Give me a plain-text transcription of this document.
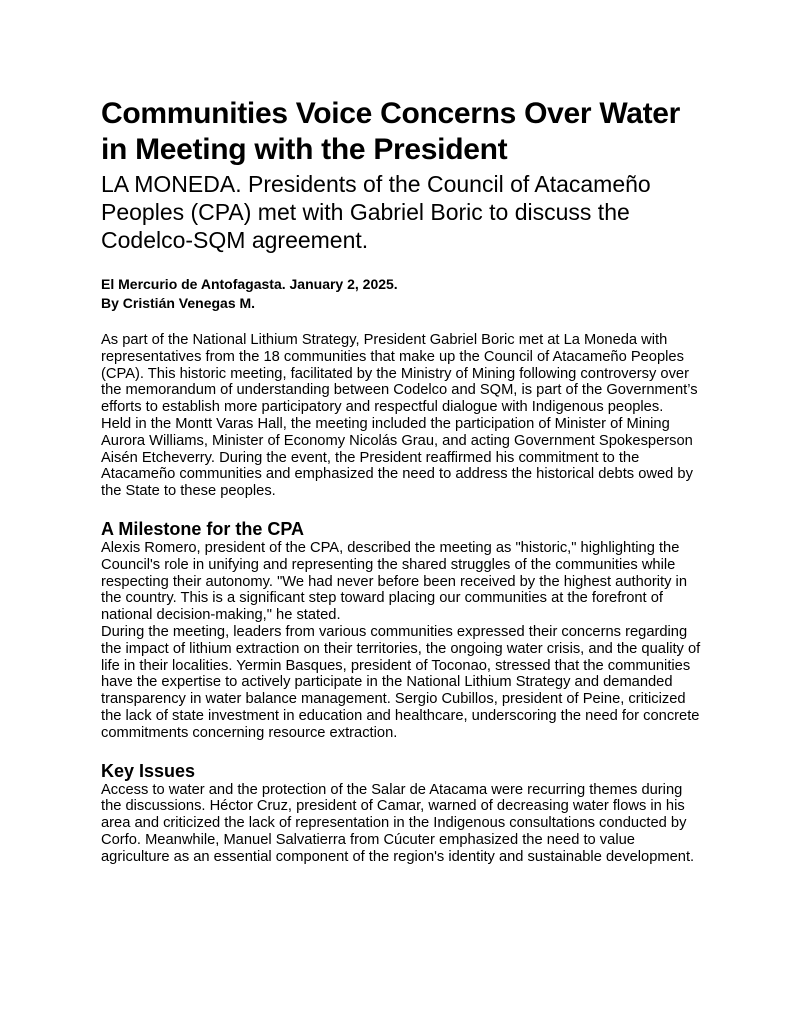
Communities Voice Concerns Over Water in Meeting with the President
LA MONEDA. Presidents of the Council of Atacameño Peoples (CPA) met with Gabriel Boric to discuss the Codelco-SQM agreement.
El Mercurio de Antofagasta. January 2, 2025.
By Cristián Venegas M.

As part of the National Lithium Strategy, President Gabriel Boric met at La Moneda with representatives from the 18 communities that make up the Council of Atacameño Peoples (CPA). This historic meeting, facilitated by the Ministry of Mining following controversy over the memorandum of understanding between Codelco and SQM, is part of the Government’s efforts to establish more participatory and respectful dialogue with Indigenous peoples.

Held in the Montt Varas Hall, the meeting included the participation of Minister of Mining Aurora Williams, Minister of Economy Nicolás Grau, and acting Government Spokesperson Aisén Etcheverry. During the event, the President reaffirmed his commitment to the Atacameño communities and emphasized the need to address the historical debts owed by the State to these peoples.

A Milestone for the CPA

Alexis Romero, president of the CPA, described the meeting as "historic," highlighting the Council's role in unifying and representing the shared struggles of the communities while respecting their autonomy. "We had never before been received by the highest authority in the country. This is a significant step toward placing our communities at the forefront of national decision-making," he stated.

During the meeting, leaders from various communities expressed their concerns regarding the impact of lithium extraction on their territories, the ongoing water crisis, and the quality of life in their localities. Yermin Basques, president of Toconao, stressed that the communities have the expertise to actively participate in the National Lithium Strategy and demanded transparency in water balance management. Sergio Cubillos, president of Peine, criticized the lack of state investment in education and healthcare, underscoring the need for concrete commitments concerning resource extraction.

Key Issues

Access to water and the protection of the Salar de Atacama were recurring themes during the discussions. Héctor Cruz, president of Camar, warned of decreasing water flows in his area and criticized the lack of representation in the Indigenous consultations conducted by Corfo. Meanwhile, Manuel Salvatierra from Cúcuter emphasized the need to value agriculture as an essential component of the region's identity and sustainable development.
